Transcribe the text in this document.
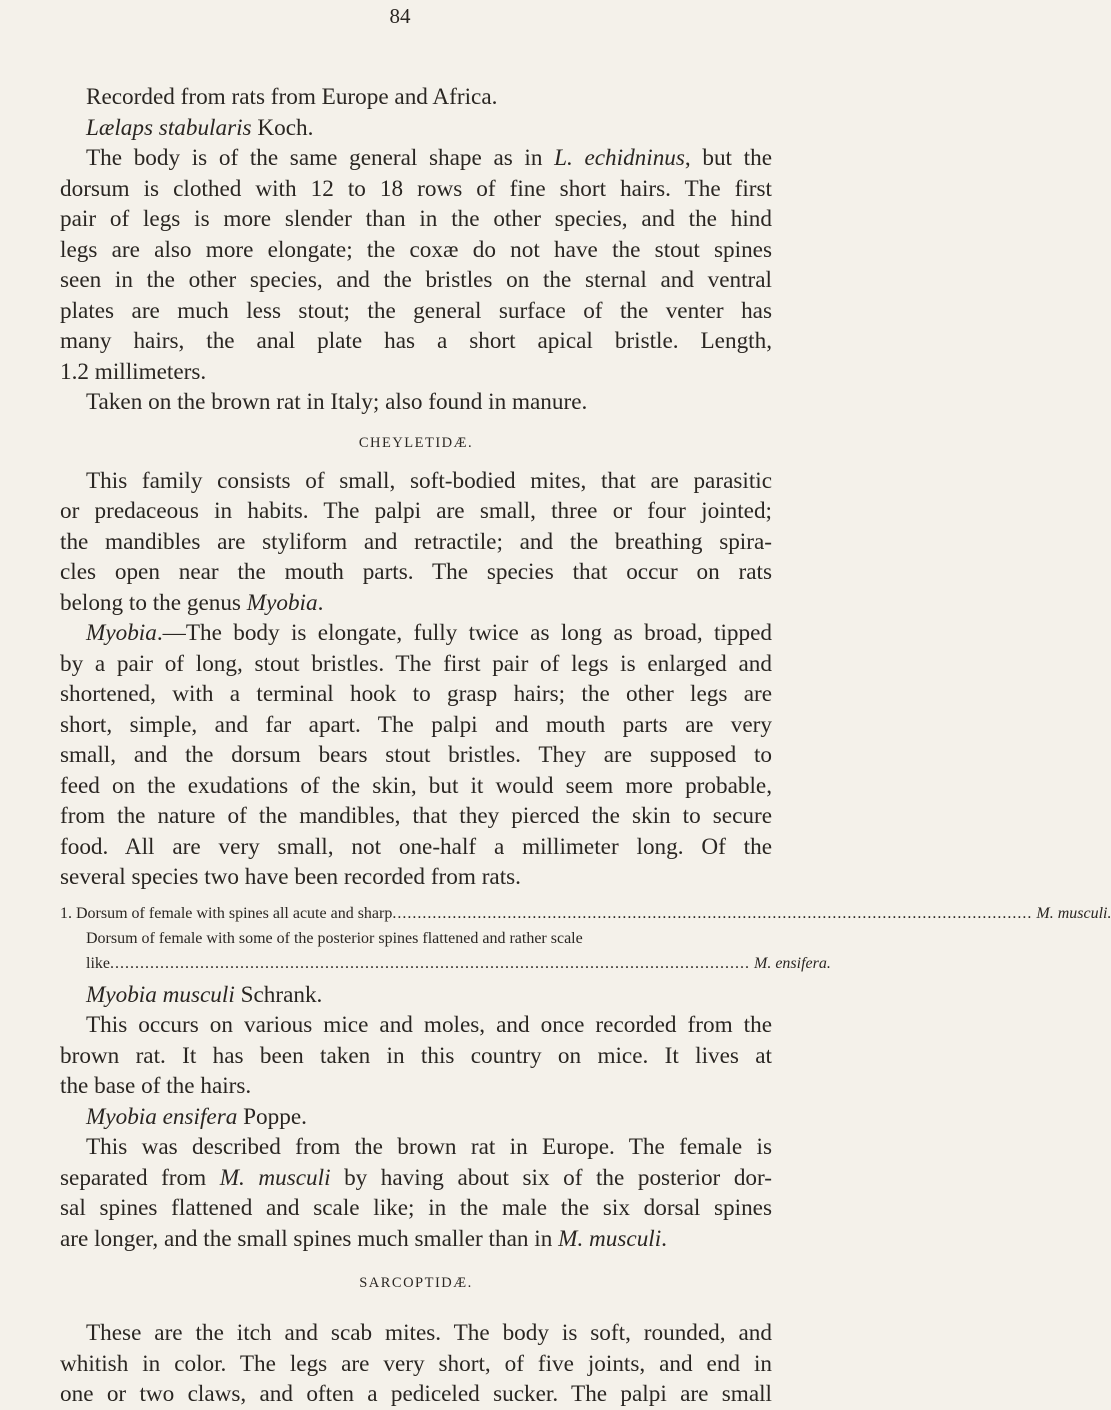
84
Recorded from rats from Europe and Africa.
Lælaps stabularis Koch.
The body is of the same general shape as in L. echidninus, but the
dorsum is clothed with 12 to 18 rows of fine short hairs. The first
pair of legs is more slender than in the other species, and the hind
legs are also more elongate; the coxæ do not have the stout spines
seen in the other species, and the bristles on the sternal and ventral
plates are much less stout; the general surface of the venter has
many hairs, the anal plate has a short apical bristle. Length,
1.2 millimeters.
Taken on the brown rat in Italy; also found in manure.
CHEYLETIDÆ.
This family consists of small, soft-bodied mites, that are parasitic
or predaceous in habits. The palpi are small, three or four jointed;
the mandibles are styliform and retractile; and the breathing spira-
cles open near the mouth parts. The species that occur on rats
belong to the genus Myobia.
Myobia.—The body is elongate, fully twice as long as broad, tipped
by a pair of long, stout bristles. The first pair of legs is enlarged and
shortened, with a terminal hook to grasp hairs; the other legs are
short, simple, and far apart. The palpi and mouth parts are very
small, and the dorsum bears stout bristles. They are supposed to
feed on the exudations of the skin, but it would seem more probable,
from the nature of the mandibles, that they pierced the skin to secure
food. All are very small, not one-half a millimeter long. Of the
several species two have been recorded from rats.
1. Dorsum of female with spines all acute and sharp ................................................................................................................................ M. musculi.
Dorsum of female with some of the posterior spines flattened and rather scale
like ................................................................................................................................ M. ensifera.
Myobia musculi Schrank.
This occurs on various mice and moles, and once recorded from the
brown rat. It has been taken in this country on mice. It lives at
the base of the hairs.
Myobia ensifera Poppe.
This was described from the brown rat in Europe. The female is
separated from M. musculi by having about six of the posterior dor-
sal spines flattened and scale like; in the male the six dorsal spines
are longer, and the small spines much smaller than in M. musculi.
SARCOPTIDÆ.
These are the itch and scab mites. The body is soft, rounded, and
whitish in color. The legs are very short, of five joints, and end in
one or two claws, and often a pediceled sucker. The palpi are small
